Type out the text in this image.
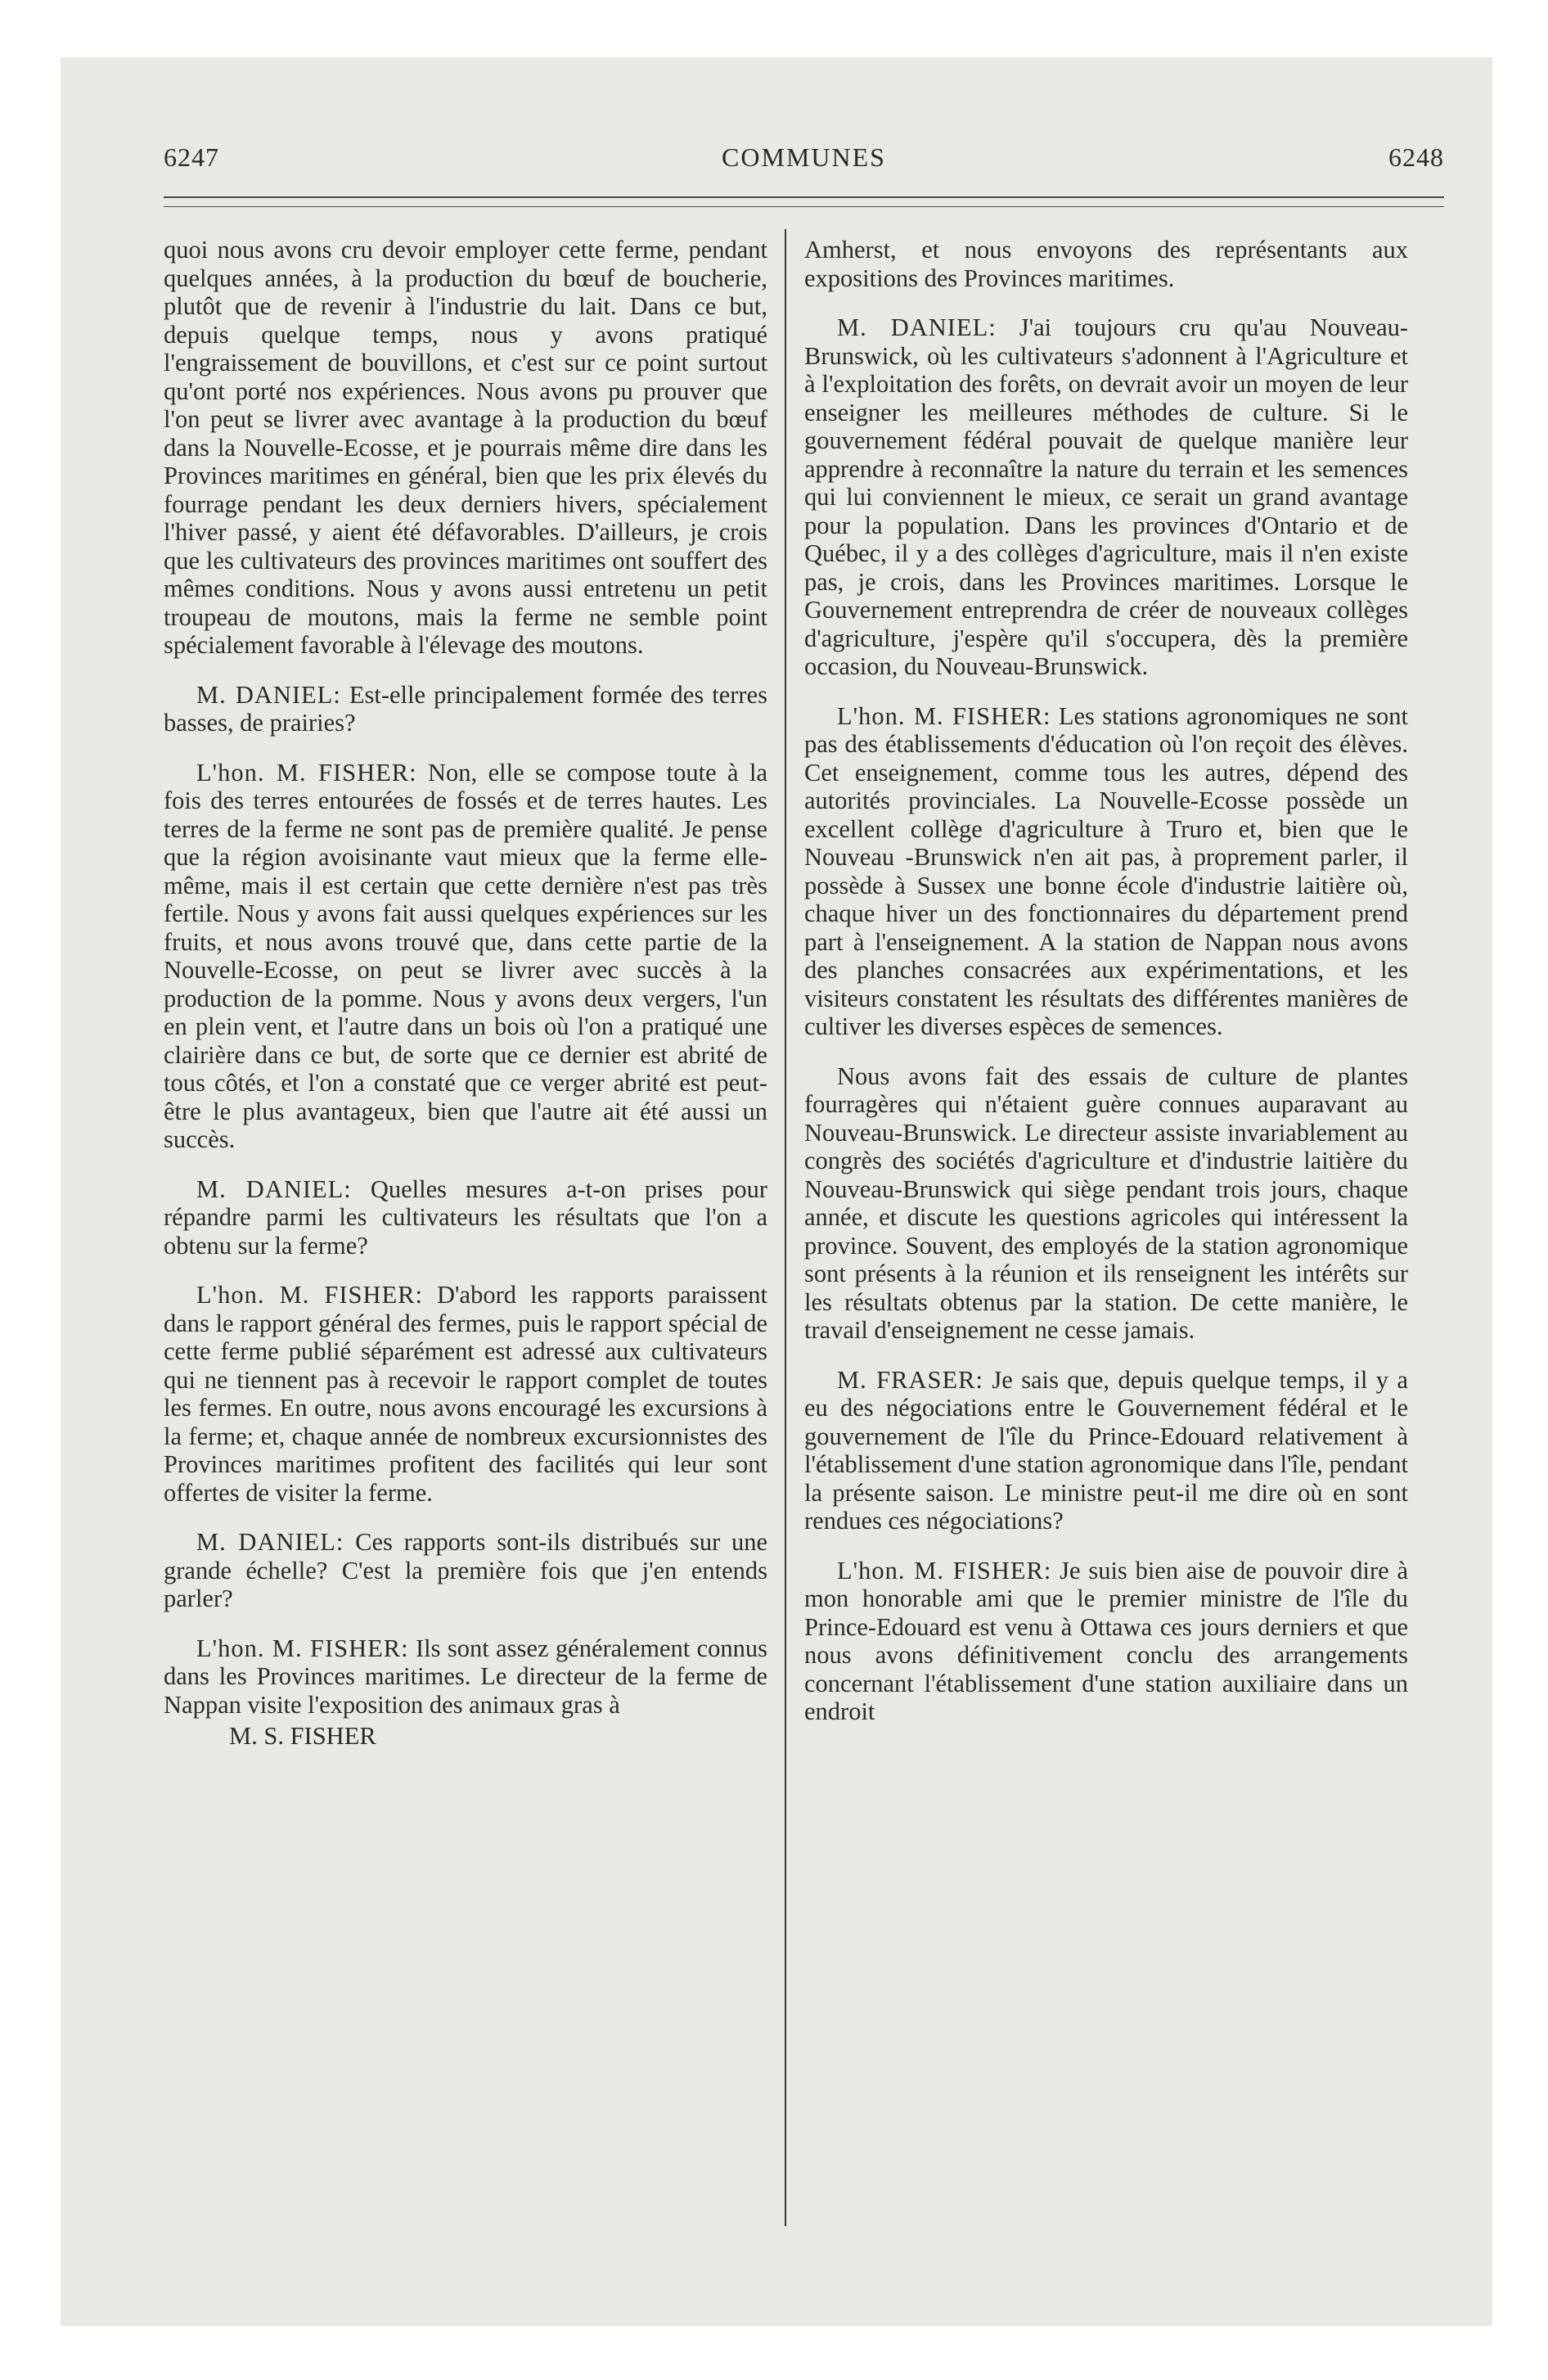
6247	COMMUNES	6248

quoi nous avons cru devoir employer cette ferme, pendant quelques années, à la production du bœuf de boucherie, plutôt que de revenir à l'industrie du lait. Dans ce but, depuis quelque temps, nous y avons pratiqué l'engraissement de bouvillons, et c'est sur ce point surtout qu'ont porté nos expériences. Nous avons pu prouver que l'on peut se livrer avec avantage à la production du bœuf dans la Nouvelle-Ecosse, et je pourrais même dire dans les Provinces maritimes en général, bien que les prix élevés du fourrage pendant les deux derniers hivers, spécialement l'hiver passé, y aient été défavorables. D'ailleurs, je crois que les cultivateurs des provinces maritimes ont souffert des mêmes conditions. Nous y avons aussi entretenu un petit troupeau de moutons, mais la ferme ne semble point spécialement favorable à l'élevage des moutons.

M. DANIEL: Est-elle principalement formée des terres basses, de prairies?

L'hon. M. FISHER: Non, elle se compose toute à la fois des terres entourées de fossés et de terres hautes. Les terres de la ferme ne sont pas de première qualité. Je pense que la région avoisinante vaut mieux que la ferme elle-même, mais il est certain que cette dernière n'est pas très fertile. Nous y avons fait aussi quelques expériences sur les fruits, et nous avons trouvé que, dans cette partie de la Nouvelle-Ecosse, on peut se livrer avec succès à la production de la pomme. Nous y avons deux vergers, l'un en plein vent, et l'autre dans un bois où l'on a pratiqué une clairière dans ce but, de sorte que ce dernier est abrité de tous côtés, et l'on a constaté que ce verger abrité est peut-être le plus avantageux, bien que l'autre ait été aussi un succès.

M. DANIEL: Quelles mesures a-t-on prises pour répandre parmi les cultivateurs les résultats que l'on a obtenu sur la ferme?

L'hon. M. FISHER: D'abord les rapports paraissent dans le rapport général des fermes, puis le rapport spécial de cette ferme publié séparément est adressé aux cultivateurs qui ne tiennent pas à recevoir le rapport complet de toutes les fermes. En outre, nous avons encouragé les excursions à la ferme; et, chaque année de nombreux excursionnistes des Provinces maritimes profitent des facilités qui leur sont offertes de visiter la ferme.

M. DANIEL: Ces rapports sont-ils distribués sur une grande échelle? C'est la première fois que j'en entends parler?

L'hon. M. FISHER: Ils sont assez généralement connus dans les Provinces maritimes. Le directeur de la ferme de Nappan visite l'exposition des animaux gras à

M. S. FISHER

Amherst, et nous envoyons des représentants aux expositions des Provinces maritimes.

M. DANIEL: J'ai toujours cru qu'au Nouveau-Brunswick, où les cultivateurs s'adonnent à l'Agriculture et à l'exploitation des forêts, on devrait avoir un moyen de leur enseigner les meilleures méthodes de culture. Si le gouvernement fédéral pouvait de quelque manière leur apprendre à reconnaître la nature du terrain et les semences qui lui conviennent le mieux, ce serait un grand avantage pour la population. Dans les provinces d'Ontario et de Québec, il y a des collèges d'agriculture, mais il n'en existe pas, je crois, dans les Provinces maritimes. Lorsque le Gouvernement entreprendra de créer de nouveaux collèges d'agriculture, j'espère qu'il s'occupera, dès la première occasion, du Nouveau-Brunswick.

L'hon. M. FISHER: Les stations agronomiques ne sont pas des établissements d'éducation où l'on reçoit des élèves. Cet enseignement, comme tous les autres, dépend des autorités provinciales. La Nouvelle-Ecosse possède un excellent collège d'agriculture à Truro et, bien que le Nouveau -Brunswick n'en ait pas, à proprement parler, il possède à Sussex une bonne école d'industrie laitière où, chaque hiver un des fonctionnaires du département prend part à l'enseignement. A la station de Nappan nous avons des planches consacrées aux expérimentations, et les visiteurs constatent les résultats des différentes manières de cultiver les diverses espèces de semences.

Nous avons fait des essais de culture de plantes fourragères qui n'étaient guère connues auparavant au Nouveau-Brunswick. Le directeur assiste invariablement au congrès des sociétés d'agriculture et d'industrie laitière du Nouveau-Brunswick qui siège pendant trois jours, chaque année, et discute les questions agricoles qui intéressent la province. Souvent, des employés de la station agronomique sont présents à la réunion et ils renseignent les intérêts sur les résultats obtenus par la station. De cette manière, le travail d'enseignement ne cesse jamais.

M. FRASER: Je sais que, depuis quelque temps, il y a eu des négociations entre le Gouvernement fédéral et le gouvernement de l'île du Prince-Edouard relativement à l'établissement d'une station agronomique dans l'île, pendant la présente saison. Le ministre peut-il me dire où en sont rendues ces négociations?

L'hon. M. FISHER: Je suis bien aise de pouvoir dire à mon honorable ami que le premier ministre de l'île du Prince-Edouard est venu à Ottawa ces jours derniers et que nous avons définitivement conclu des arrangements concernant l'établissement d'une station auxiliaire dans un endroit
